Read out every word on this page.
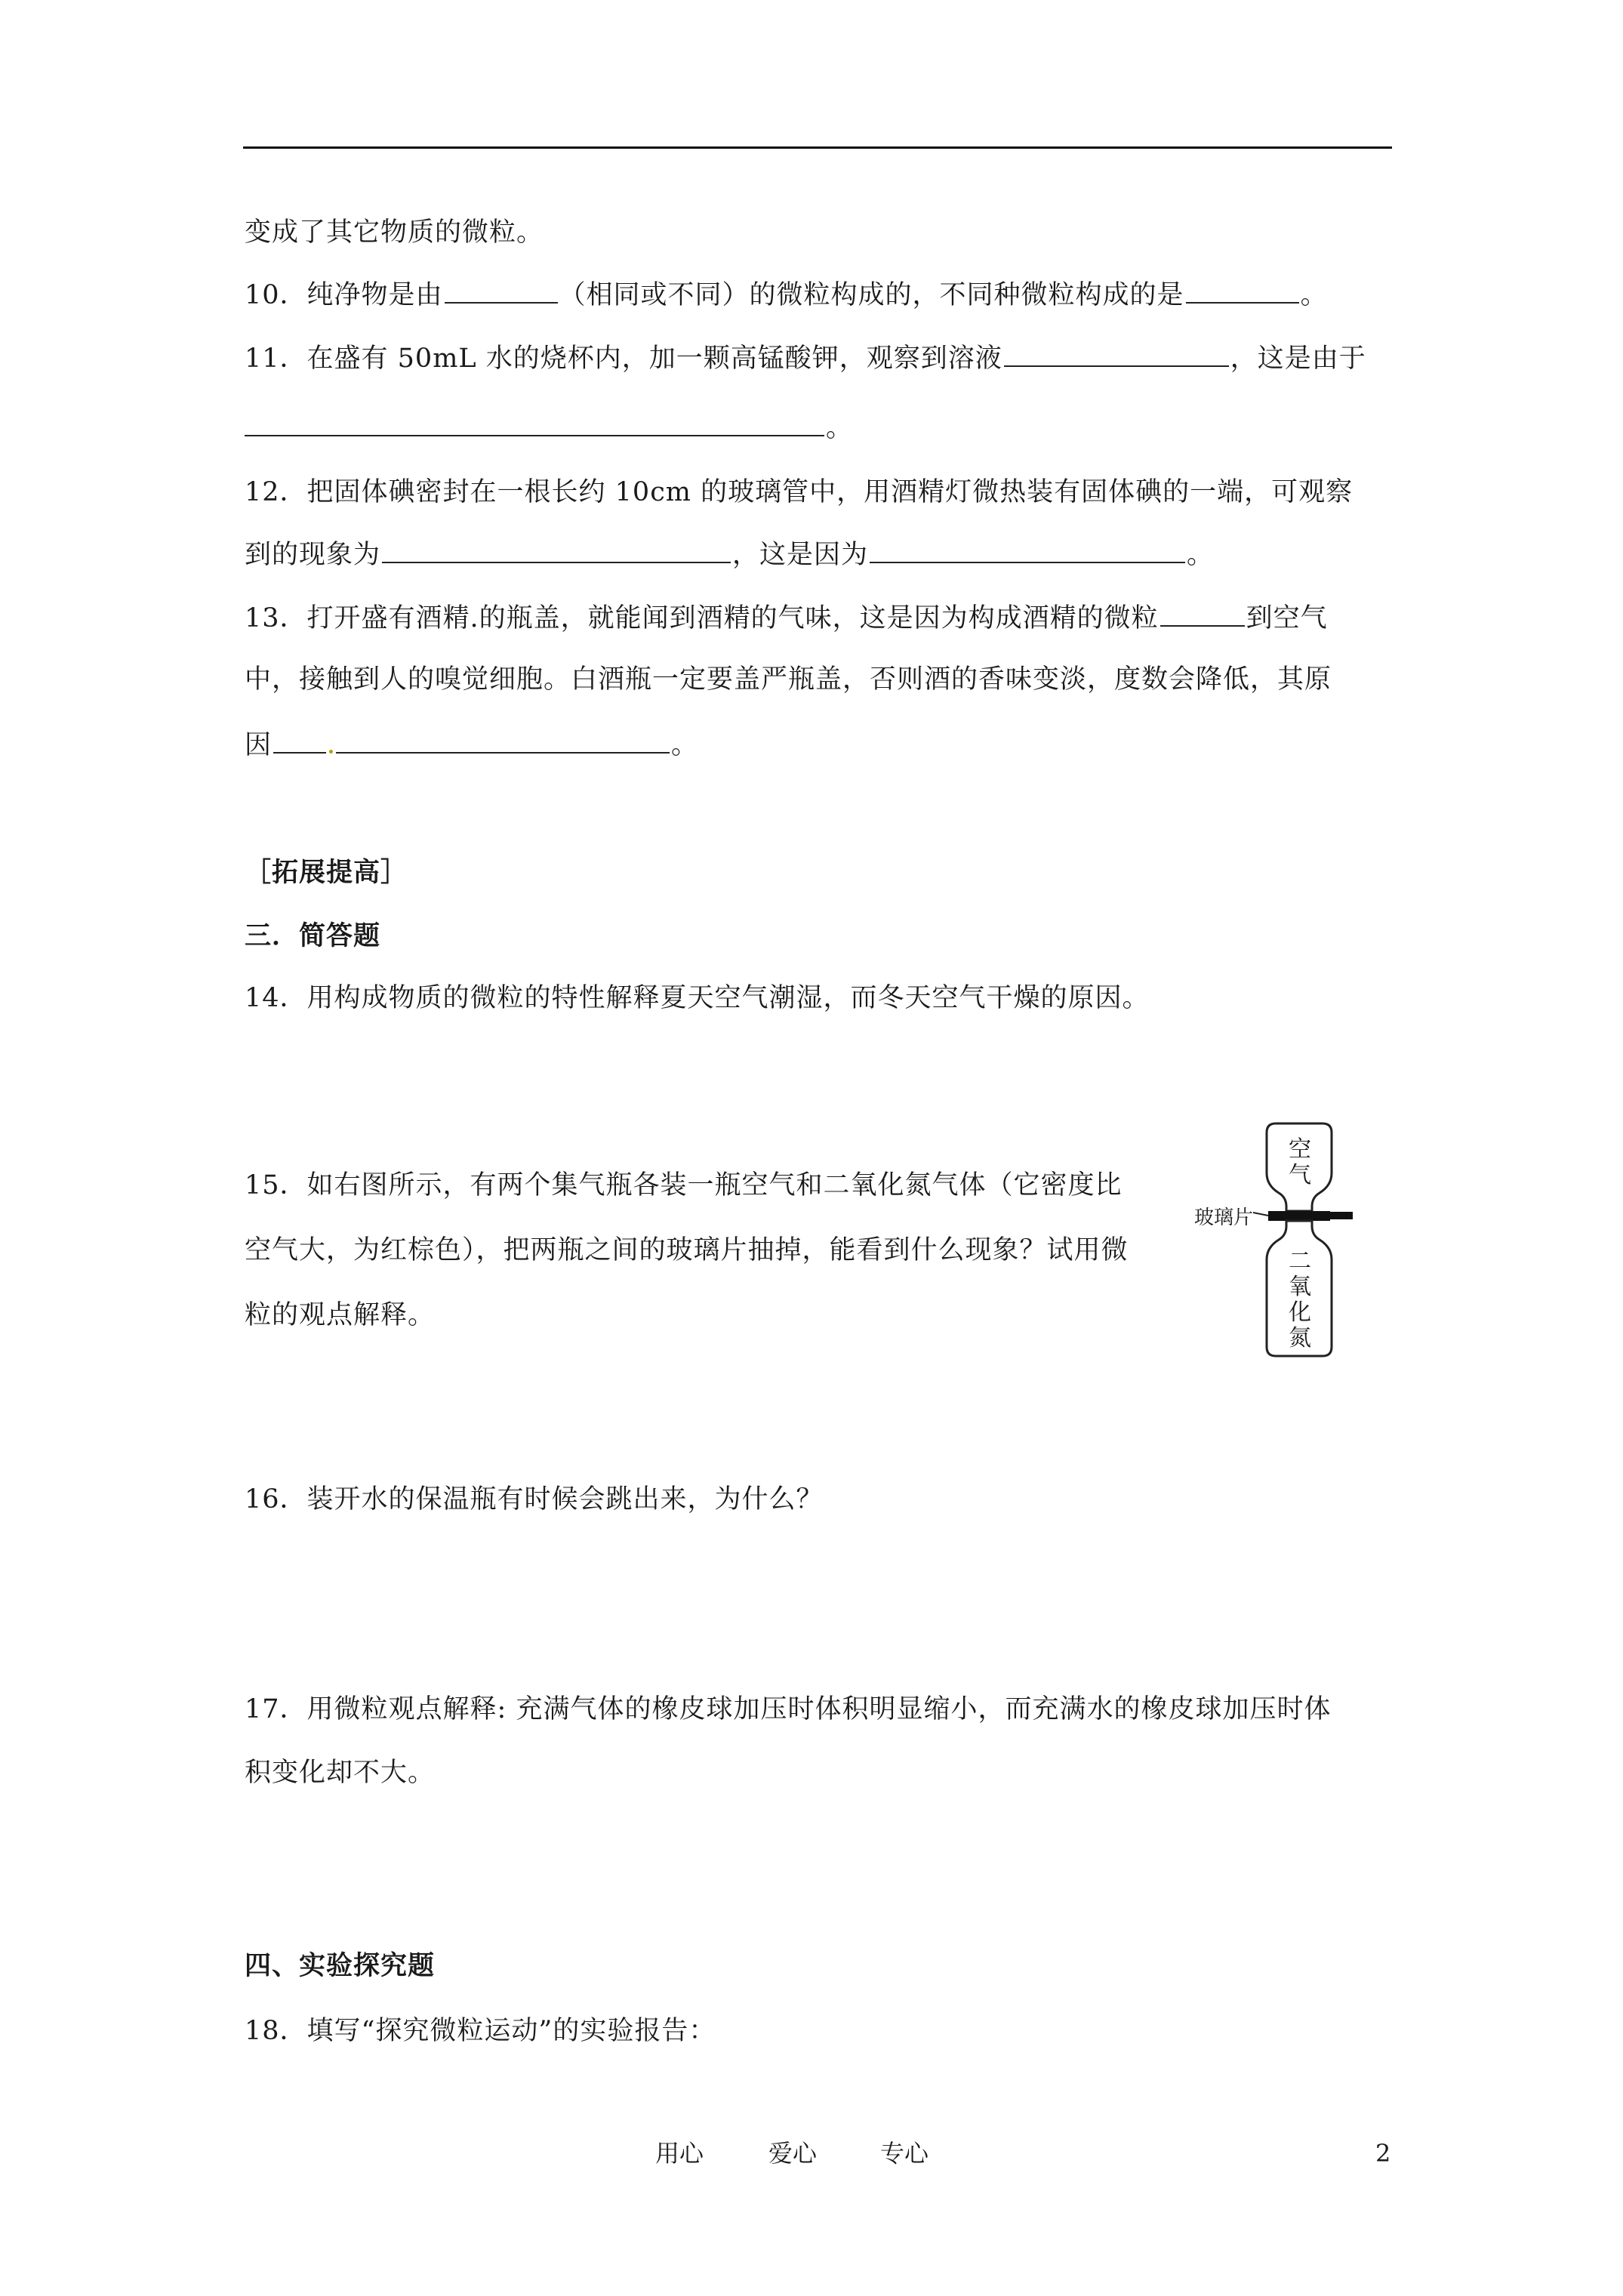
变成了其它物质的微粒。
10．纯净物是由	（相同或不同）的微粒构成的，不同种微粒构成的是	。
11．在盛有 50mL 水的烧杯内，加一颗高锰酸钾，观察到溶液	，这是由于
。
12．把固体碘密封在一根长约 10cm 的玻璃管中，用酒精灯微热装有固体碘的一端，可观察
到的现象为	，这是因为	。
13．打开盛有酒精.的瓶盖，就能闻到酒精的气味，这是因为构成酒精的微粒	到空气
中，接触到人的嗅觉细胞。白酒瓶一定要盖严瓶盖，否则酒的香味变淡，度数会降低，其原
因	。
［拓展提高］
三．简答题
14．用构成物质的微粒的特性解释夏天空气潮湿，而冬天空气干燥的原因。
15．如右图所示，有两个集气瓶各装一瓶空气和二氧化氮气体（它密度比
空气大，为红棕色），把两瓶之间的玻璃片抽掉，能看到什么现象？试用微
粒的观点解释。
玻璃片
空
气
二
氧
化
氮
16．装开水的保温瓶有时候会跳出来，为什么？
17．用微粒观点解释: 充满气体的橡皮球加压时体积明显缩小，而充满水的橡皮球加压时体
积变化却不大。
四、实验探究题
18．填写“探究微粒运动”的实验报告：
用心	爱心	专心	2
